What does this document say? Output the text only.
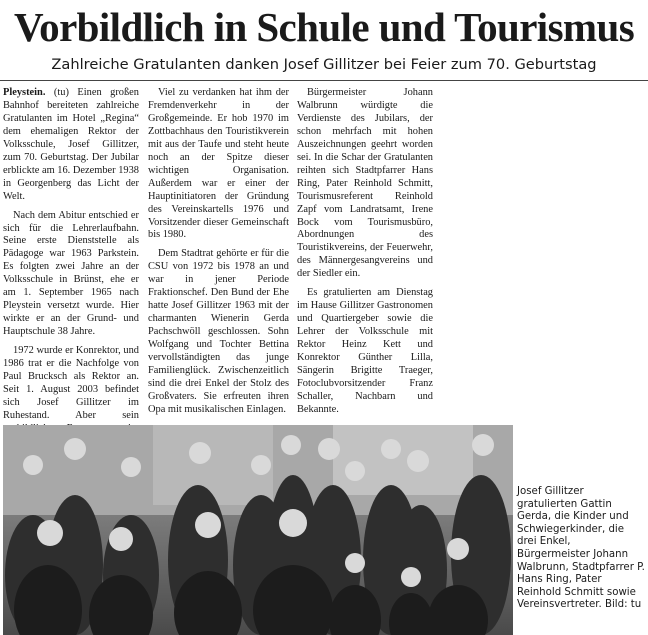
Vorbildlich in Schule und Tourismus
Zahlreiche Gratulanten danken Josef Gillitzer bei Feier zum 70. Geburtstag

Pleystein. (tu) Einen großen Bahnhof bereiteten zahlreiche Gratulanten im Hotel „Regina“ dem ehemaligen Rektor der Volksschule, Josef Gillitzer, zum 70. Geburtstag. Der Jubilar erblickte am 16. Dezember 1938 in Georgenberg das Licht der Welt.

Nach dem Abitur entschied er sich für die Lehrerlaufbahn. Seine erste Dienststelle als Pädagoge war 1963 Parkstein. Es folgten zwei Jahre an der Volksschule in Brünst, ehe er am 1. September 1965 nach Pleystein versetzt wurde. Hier wirkte er an der Grund- und Hauptschule 38 Jahre.

1972 wurde er Konrektor, und 1986 trat er die Nachfolge von Paul Brucksch als Rektor an. Seit 1. August 2003 befindet sich Josef Gillitzer im Ruhestand. Aber sein

Viel zu verdanken hat ihm der Fremdenverkehr in der Großgemeinde. Er hob 1970 im Zottbachhaus den Touristikverein mit aus der Taufe und steht heute noch an der Spitze dieser wichtigen Organisation. Außerdem war er einer der Hauptinitiatoren der Gründung des Vereinskartells 1976 und Vorsitzender dieser Gemeinschaft bis 1980.

Dem Stadtrat gehörte er für die CSU von 1972 bis 1978 an und war in jener Periode Fraktionschef. Den Bund der Ehe hatte Josef Gillitzer 1963 mit der charmanten Wienerin Gerda Pachschwöll geschlossen. Sohn Wolfgang und Tochter Bettina vervollständigten das junge Familienglück. Zwischenzeitlich sind die drei Enkel der Stolz des Großvaters. Sie erfreuten ihren Opa mit musikalischen Einlagen.

Bürgermeister Johann Walbrunn würdigte die Verdienste des Jubilars, der schon mehrfach mit hohen Auszeichnungen geehrt worden sei. In die Schar der Gratulanten reihten sich Stadtpfarrer Hans Ring, Pater Reinhold Schmitt, Tourismusreferent Reinhold Zapf vom Landratsamt, Irene Bock vom Tourismusbüro, Abordnungen des Touristikvereins, der Feuerwehr, des Männergesangvereins und der Siedler ein.

Es gratulierten am Dienstag im Hause Gillitzer Gastronomen und Quartiergeber sowie die Lehrer der Volksschule mit Rektor Heinz Kett und Konrektor Günther Lilla, Sängerin Brigitte Traeger, Fotoclubvorsitzender Franz Schaller, Nachbarn und Bekannte.

Josef Gillitzer gratulierten Gattin Gerda, die Kinder und Schwiegerkinder, die drei Enkel, Bürgermeister Johann Walbrunn, Stadtpfarrer P. Hans Ring, Pater Reinhold Schmitt sowie Vereinsvertreter. Bild: tu
